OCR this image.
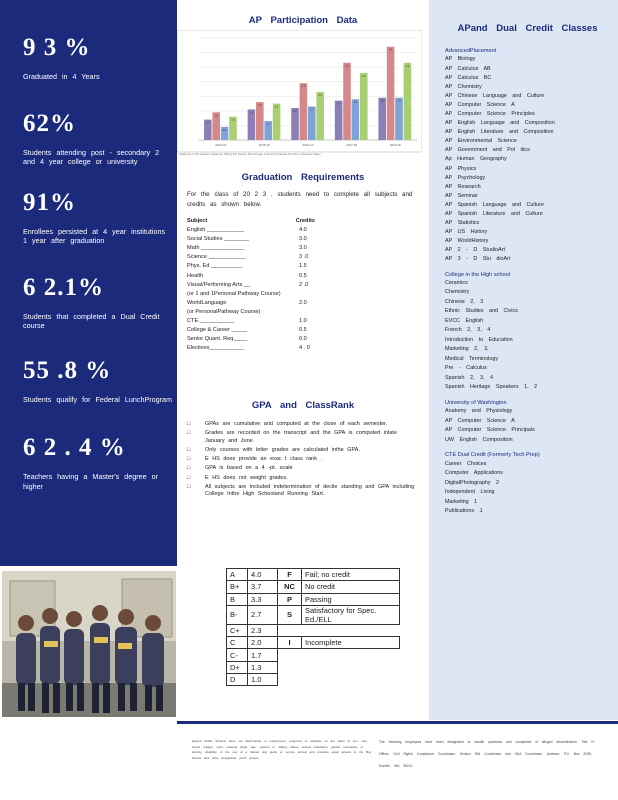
9 3 %
Graduated in 4 Years
62%
Students attending post - secondary 2 and 4 year college or university
91%
Enrollees persisted at 4 year institutions 1 year after graduation
6 2.1%
Students that completed a Dual Credit course
55 .8 %
Students qualify for Federal LunchProgram
6 2 . 4 %
Teachers having a Master's degree or higher
AP Participation Data
1.4
1.9
0.9
1.6
2014-15
2.1
2.6
1.3
2.5
2015-16
2.2
3.9
2.3
3.3
2016-17
2.7
5.3
2.8
4.6
2017-18
2.9
6.4
2.9
5.3
2018-19
Students in AP Classes Students Taking AP Exams Percentage of Exams Passed Number of Exams Taken
Graduation Requirements
For the class of 20 2 3 , students need to complete all subjects and credits as shown below.
Subject	Credits
English ____________	4.0
Social Studies ________	3.0
Math ______________	3.0
Science ____________	3 .0
Phys. Ed __________	1.5
Health	0.5
Visual/Performing Arts __	2 .0
(or 1 and 1Personal Pathway Course)
WorldLanguage	2.0
(or PersonalPathway Course)
CTE ___________	1.0
College & Career _____	0.5
Senior Quant. Req.____	0.0
Electives___________	4 . 0
GPA and ClassRank
□ GPAs are cumulative and computed at the close of each semester.
□ Grades are recorded on the transcript and the GPA is computed inlate January and June.
□ Only courses with letter grades are calculated inthe GPA.
□ E HS does provide an exac t class rank .
□ GPA is based on a 4 -pt. scale
□ E HS does not weight grades.
□ All subjects are included indetermination of decile standing and GPA including College Inthe High Schooland Running Start.
A	4.0	F	Fail; no credit
B+	3.7	NC	No credit
B	3.3	P	Passing
B-	2.7	S	Satisfactory for Spec. Ed./ELL
C+	2.3		
C	2.0	I	Incomplete
C-	1.7		
D+	1.3		
D	1.0		
APand Dual Credit Classes
AdvancedPlacement
AP Biology
AP Calculus AB
AP Calculus BC
AP Chemistry
AP Chinese Language and Culture
AP Computer Science A
AP Computer Science Principles
AP English Language and Composition
AP English Literature and Composition
AP Environmental Science
AP Government and Pol itics
Ap Human Geography
AP Physics
AP Psychology
AP Research
AP Seminar
AP Spanish Language and Culture
AP Spanish Literature and Culture
AP Statistics
AP US History
AP WorldHistory
AP 2 - D StudioArt
AP 3 - D Stu dioArt
College in the High school
Ceramics
Chemistry
Chinese 2, 3
Ethnic Studies and Civics
EVCC English
French 2, 3, 4
Introduction to Education
Marketing 2, 3,
Medical Terminology
Pre - Calculus
Spanish 2, 3, 4
Spanish Heritage Speakers 1, 2
University of Washington
Anatomy and Physiology
AP Computer Science A
AP Computer Science Principals
UW English Composition
CTE Dual Credit (Formerly Tech Prep)
Career Choices
Computer Applications
DigitalPhotography 2
Independent Living
Marketing 1
Publications 1
Everett Public Schools does not discriminate in employment, programs or activities on the basis of sex, race, creed, religion, color, national origin, age, veteran or military status, sexual orientation, gender expression or identity, disability, or the use of a trained dog guide or service animal and provides equal access to the Boy Scouts and other designated youth groups.
The following employees have been designated to handle questions and complaints of alleged discrimination: Title IX Officer, Civil Rights Compliance Coordinator, Section 504 Coordinator and ADA Coordinator. Address: P.O. Box 2098, Everett, WA 98213
